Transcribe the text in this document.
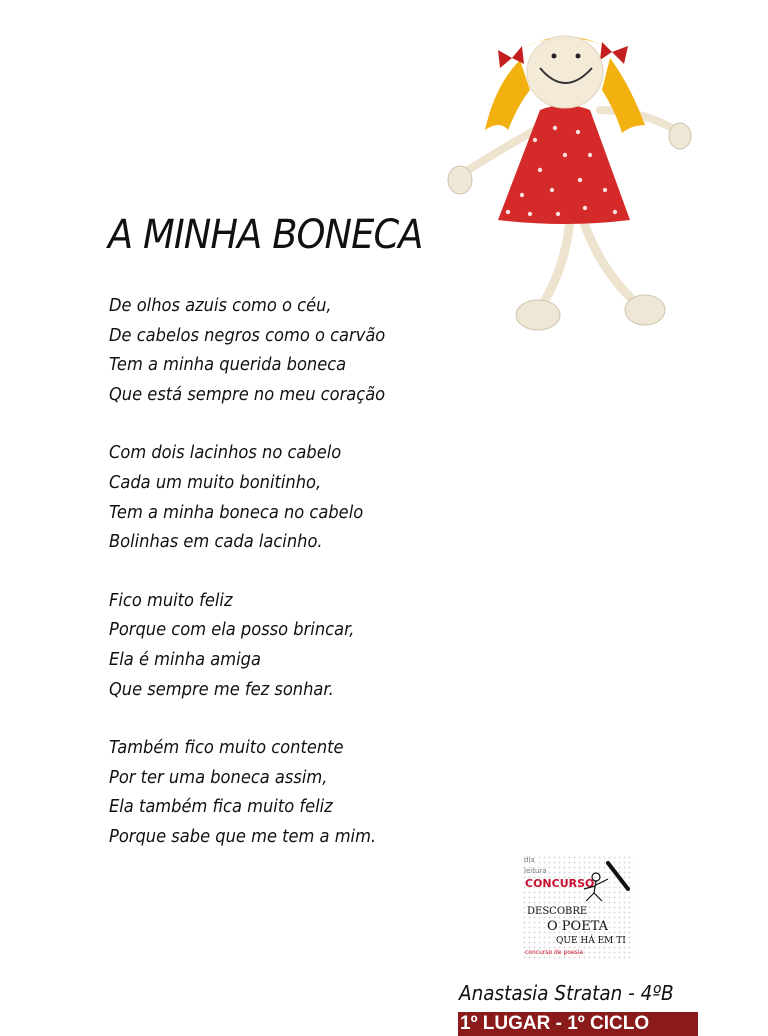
A MINHA BONECA
De olhos azuis como o céu,
De cabelos negros como o carvão
Tem a minha querida boneca
Que está sempre no meu coração
Com dois lacinhos no cabelo
Cada um muito bonitinho,
Tem a minha boneca no cabelo
Bolinhas em cada lacinho.
Fico muito feliz
Porque com ela posso brincar,
Ela é minha amiga
Que sempre me fez sonhar.
Também fico muito contente
Por ter uma boneca assim,
Ela também fica muito feliz
Porque sabe que me tem a mim.
dia
leitura
CONCURSO
DESCOBRE
O POETA
QUE HÁ EM TI
concurso de poesia
Anastasia Stratan - 4ºB
1º LUGAR - 1º CICLO
